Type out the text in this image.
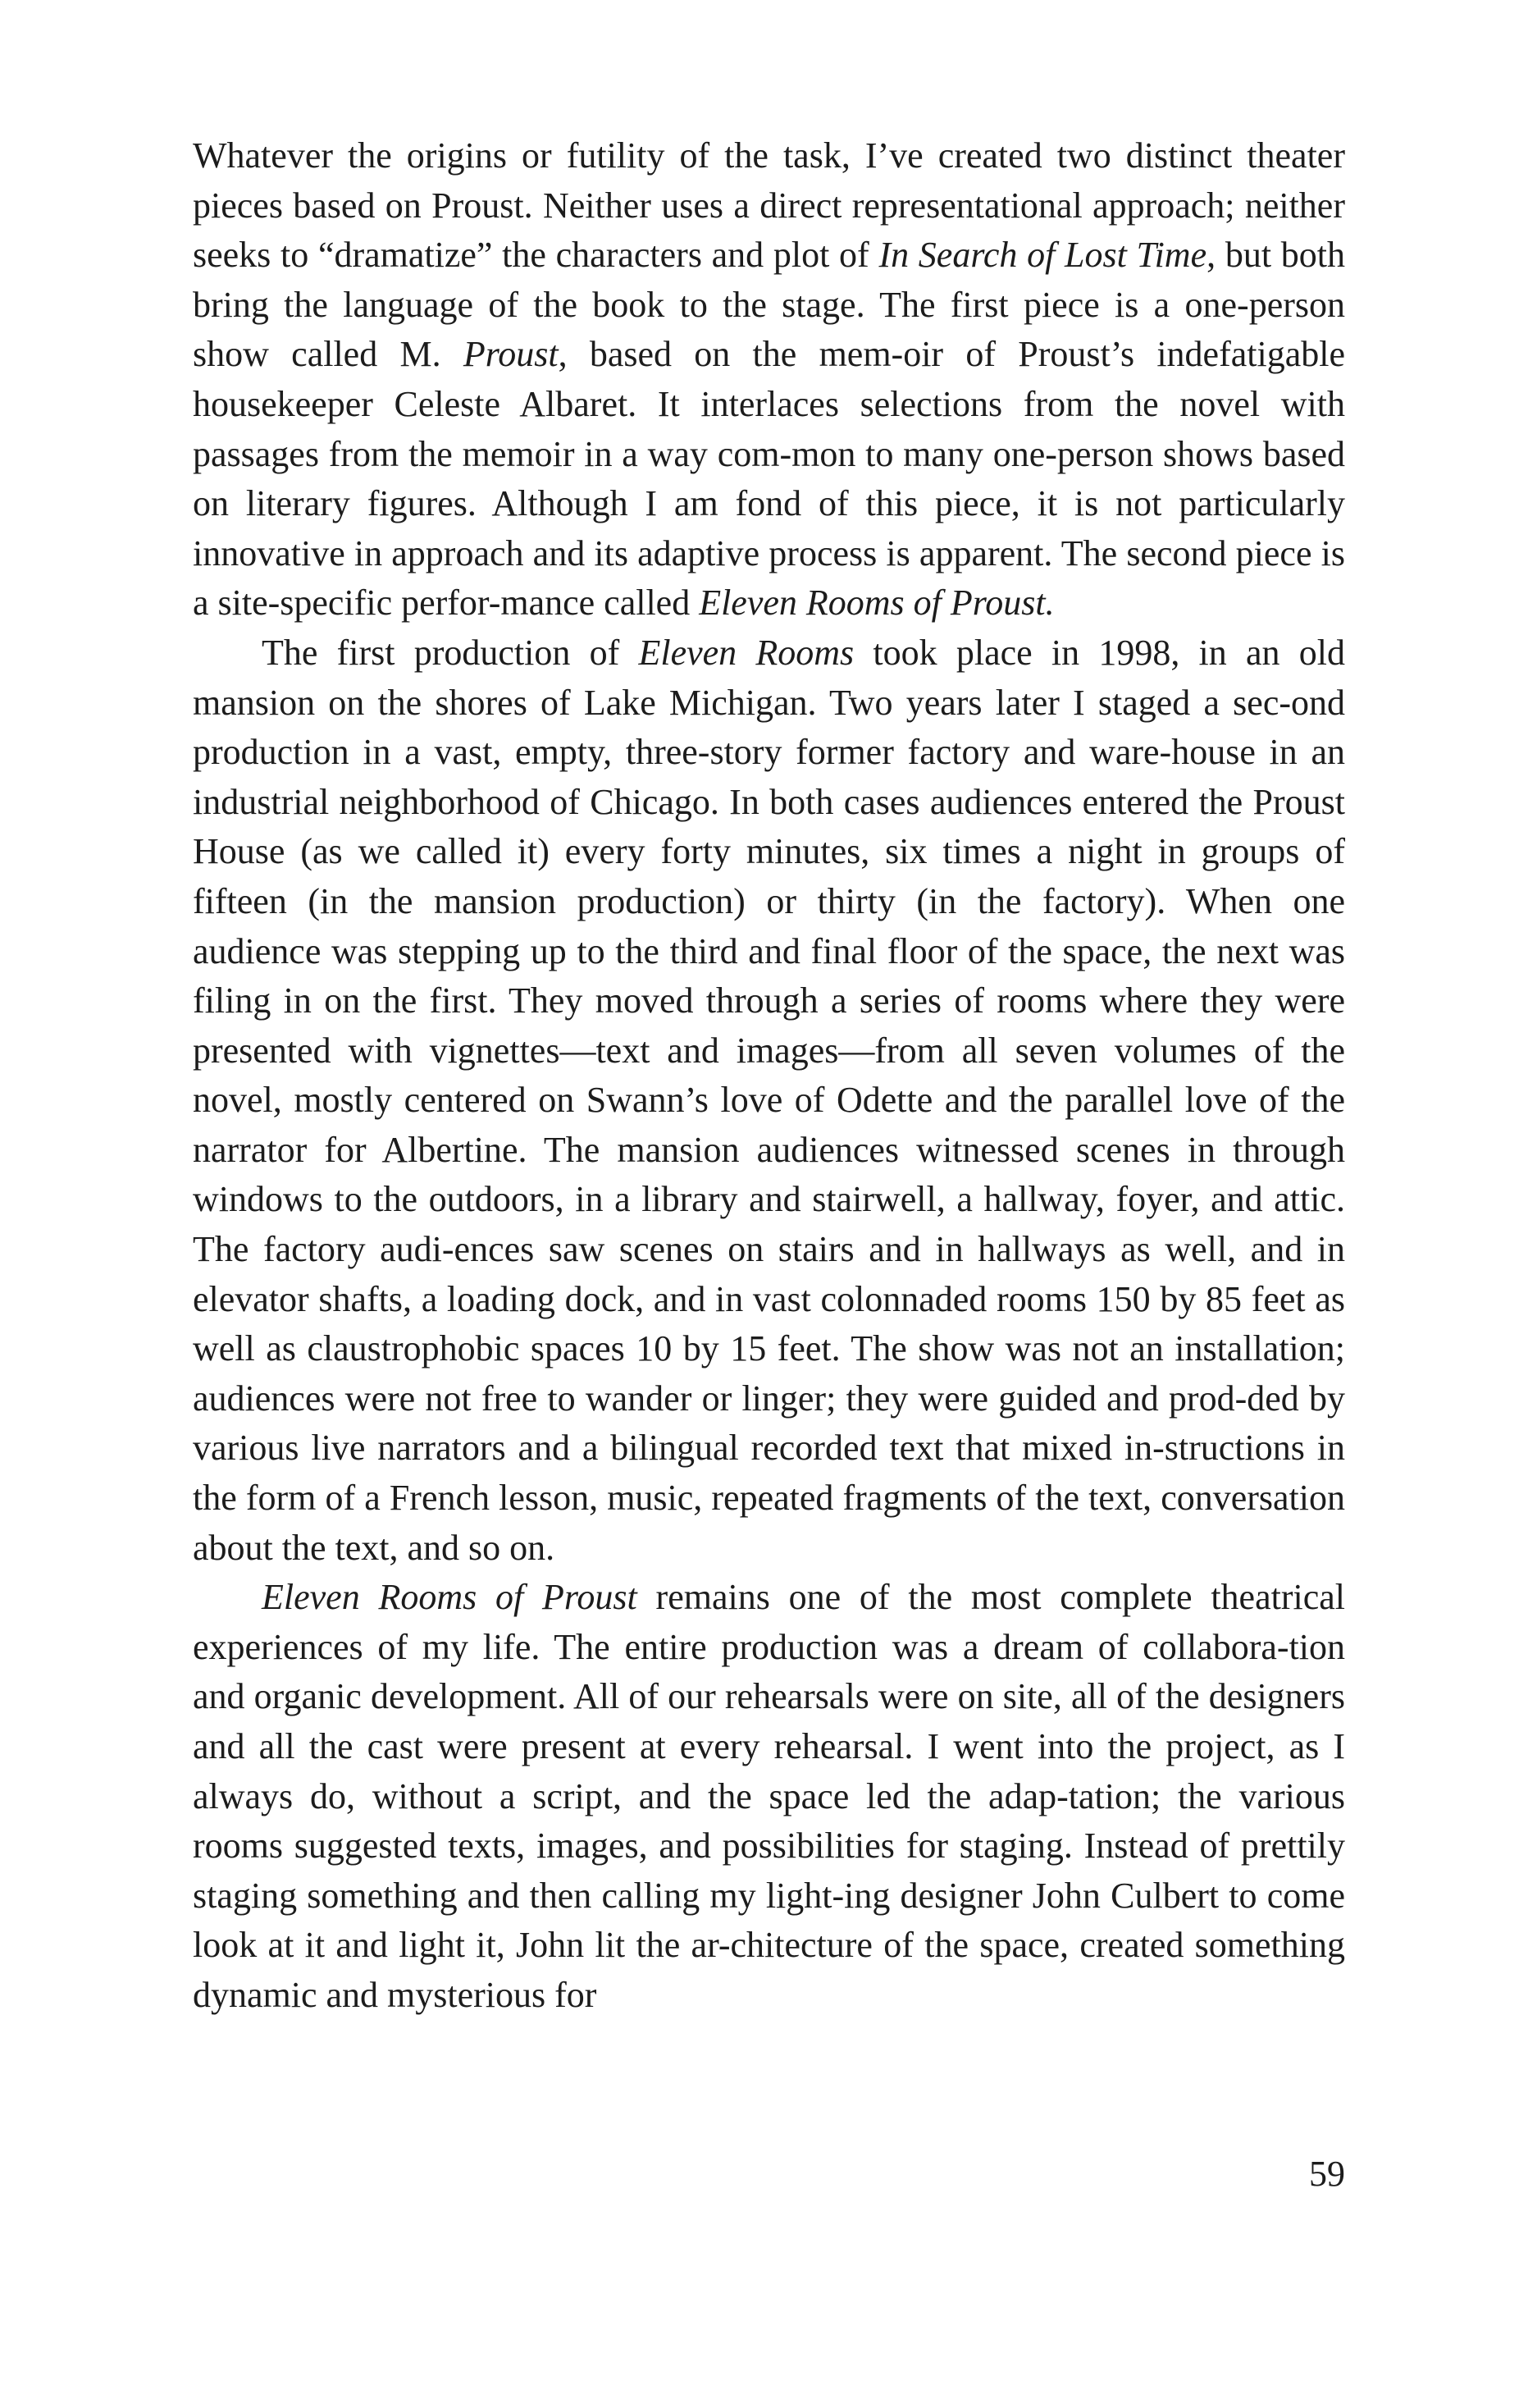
Whatever the origins or futility of the task, I’ve created two distinct theater pieces based on Proust. Neither uses a direct representational approach; neither seeks to “dramatize” the characters and plot of In Search of Lost Time, but both bring the language of the book to the stage. The first piece is a one-person show called M. Proust, based on the mem-oir of Proust’s indefatigable housekeeper Celeste Albaret. It interlaces selections from the novel with passages from the memoir in a way com-mon to many one-person shows based on literary figures. Although I am fond of this piece, it is not particularly innovative in approach and its adaptive process is apparent. The second piece is a site-specific perfor-mance called Eleven Rooms of Proust.

The first production of Eleven Rooms took place in 1998, in an old mansion on the shores of Lake Michigan. Two years later I staged a sec-ond production in a vast, empty, three-story former factory and ware-house in an industrial neighborhood of Chicago. In both cases audiences entered the Proust House (as we called it) every forty minutes, six times a night in groups of fifteen (in the mansion production) or thirty (in the factory). When one audience was stepping up to the third and final floor of the space, the next was filing in on the first. They moved through a series of rooms where they were presented with vignettes—text and images—from all seven volumes of the novel, mostly centered on Swann’s love of Odette and the parallel love of the narrator for Albertine. The mansion audiences witnessed scenes in through windows to the outdoors, in a library and stairwell, a hallway, foyer, and attic. The factory audi-ences saw scenes on stairs and in hallways as well, and in elevator shafts, a loading dock, and in vast colonnaded rooms 150 by 85 feet as well as claustrophobic spaces 10 by 15 feet. The show was not an installation; audiences were not free to wander or linger; they were guided and prod-ded by various live narrators and a bilingual recorded text that mixed in-structions in the form of a French lesson, music, repeated fragments of the text, conversation about the text, and so on.

Eleven Rooms of Proust remains one of the most complete theatrical experiences of my life. The entire production was a dream of collabora-tion and organic development. All of our rehearsals were on site, all of the designers and all the cast were present at every rehearsal. I went into the project, as I always do, without a script, and the space led the adap-tation; the various rooms suggested texts, images, and possibilities for staging. Instead of prettily staging something and then calling my light-ing designer John Culbert to come look at it and light it, John lit the ar-chitecture of the space, created something dynamic and mysterious for

59
